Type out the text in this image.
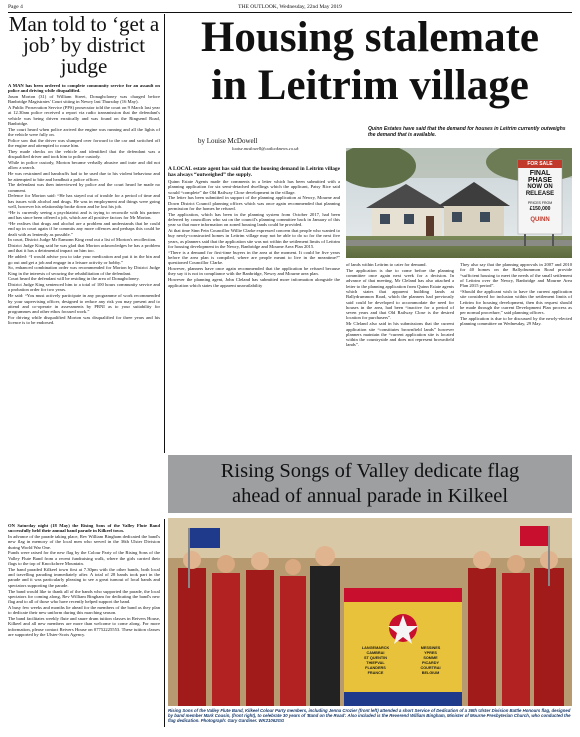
Page 4	THE OUTLOOK, Wednesday, 22nd May 2019
Man told to ‘get a job’ by district judge

A MAN has been ordered to complete community service for an assault on police and driving while disqualified.

Jason Morton (31) of William Street, Donaghcloney was charged before Banbridge Magistrates' Court sitting in Newry last Thursday (16 May).

A Public Prosecution Service (PPS) prosecutor told the court on 9 March last year at 12.30am police received a report via radio transmission that the defendant's vehicle was being driven erratically and was found on the Ringsend Road, Banbridge.

The court heard when police arrived the engine was running and all the lights of the vehicle were fully on.

Police saw that the driver was slumped over forward to the car and switched off the engine and attempted to rouse him.

They made checks on the vehicle and identified that the defendant was a disqualified driver and took him to police custody.

While in police custody, Morton became verbally abusive and irate and did not allow a search.

He was restrained and handcuffs had to be used due to his violent behaviour and he attempted to bite and headbutt a police officer.

The defendant was then interviewed by police and the court heard he made no comment.

Defence for Morton said: “He has stayed out of trouble for a period of time and has issues with alcohol and drugs. He was in employment and things were going well, however his relationship broke down and he lost his job.

“He is currently seeing a psychiatrist and is trying to reconcile with his partner and has since been offered a job, which are all positive factors for Mr Morton.

“He realises that drugs and alcohol are a problem and understands that he could end up in court again if he commits any more offences and perhaps this could be dealt with as leniently as possible.”

In court, District Judge Mr Eamonn King read out a list of Morton's recollection.

District Judge King said he was glad that Morton acknowledges he has a problem and that it has a detrimental impact on him too.

He added: “I would advise you to take your medication and put it in the bin and go out and get a job and engage in a leisure activity or hobby.”

So, enhanced combination order was recommended for Morton by District Judge King in the interests of securing the rehabilitation of the defendant.

Court heard the defendant will be residing in the area of Donaghcloney.

District Judge King sentenced him to a total of 100 hours community service and a probation order for two years.

He said: “You must actively participate in any programme of work recommended by your supervising officer, designed to reduce any risk you may present and to attend and co-operate in assessments by PBNI as to your suitability for programmes and other ethos focused work.”

For driving while disqualified Morton was disqualified for three years and his licence is to be endorsed.

Housing stalemate
in Leitrim village
by Louise McDowell
louise.mcdowell@outlooknews.co.uk
Quinn Estates have said that the demand for houses in Leitrim currently outweighs the demand that is available.
FOR SALE
FINAL
PHASE
NOW ON
RELEASE
PRICES FROM
£150,000
QUINN

A LOCAL estate agent has said that the housing demand in Leitrim village has always “outweighed” the supply.

Quinn Estate Agents made the comments in a letter which has been submitted with a planning application for six semi-detached dwellings which the applicant, Patsy Rice said would “complete” the Old Railway Close development in the village.

The letter has been submitted in support of the planning application at Newry, Mourne and Down District Council planning offices which was once again recommended that planning permission for the homes be refused.

The application, which has been in the planning system from October 2017, had been deferred by councillors who sat on the council's planning committee back in January of this year so that more information on zoned housing lands could be provided.

At that time Sinn Fein Councillor Willie Clarke expressed concern that people who wanted to buy newly-constructed homes in Leitrim village may not be able to do so for the next five years, as planners said that the application site was not within the settlement limits of Leitrim for housing development in the Newry, Banbridge and Mourne Area Plan 2015.

“There is a demand for first-time buyers in the area at the moment. It could be five years before the area plan is compiled, where are people meant to live in the meantime?” questioned Councillor Clarke.

However, planners have once again recommended that the application be refused because they say it is not in compliance with the Banbridge, Newry and Mourne area plan.

However the planning agent, John Cleland has submitted more information alongside the application which states the apparent unavailability

of lands within Leitrim to cater for demand.

The application is due to come before the planning committee once again next week for a decision. In advance of that meeting, Mr Cleland has also attached a letter to the planning application from Quinn Estate agents which states that apparent building lands at Ballydrummon Road, which the planners had previously said could be developed to accommodate the need for houses in the area, had been “inactive for a period of seven years and that Old Railway Close is the desired location for purchasers”.

Mr Cleland also said in his submissions that the current application site “constitutes brownfield lands” however planners maintain the “current application site is located within the countryside and does not represent brownfield lands”.

They also say that the planning approvals in 2007 and 2010 for 40 homes on the Ballydrummon Road provide “sufficient housing to meet the needs of the small settlement of Leitrim over the Newry, Banbridge and Mourne Area Plan 2015 period”.

“Should the applicant wish to have the current application site considered for inclusion within the settlement limits of Leitrim for housing development, then this request should be made through the current Development Plan process as per normal procedure,” said planning officers.

The application is due to be discussed by the newly-elected planning committee on Wednesday, 29 May.

Rising Songs of Valley dedicate flag
ahead of annual parade in Kilkeel

ON Saturday night (18 May) the Rising Sons of the Valley Flute Band successfully held their annual band parade in Kilkeel town.

In advance of the parade taking place, Rev William Bingham dedicated the band's new flag in memory of the local men who served in the 36th Ulster Division during World War One.

Funds were raised for the new flag by the Colour Party of the Rising Sons of the Valley Flute Band from a recent fundraising walk, where the girls carried their flags to the top of Knockchree Mountain.

The band paraded Kilkeel town first at 7.30pm with the other bands, both local and travelling parading immediately after. A total of 28 bands took part in the parade and it was particularly pleasing to see a great turnout of local bands and spectators supporting the parade.

The band would like to thank all of the bands who supported the parade, the local spectators for coming along, Rev William Bingham for dedicating the band's new flag and to all of those who have recently helped support the band.

A busy few weeks and months lie ahead for the members of the band as they plan to dedicate their new uniform during this marching season.

The band facilitates weekly flute and snare drum tuition classes in Reivers House, Kilkeel and all new members are more than welcome to come along. For more information, please contact Reivers House on 07752225553. These tuition classes are supported by the Ulster-Scots Agency.

LANGEMARCK	MESSINES
CAMBRAI	YPRES
ST QUENTIN	SOMME
THIEPVAL	PICARDY
FLANDERS	COURTRAI
FRANCE	BELGIUM
Rising Sons of the Valley Flute Band, Kilkeel Colour Party members, including Jenna Crozier (front left) attended a short Service of Dedication of a 36th Ulster Division Battle Honours flag, designed by band member Mark Cousin, (front right), to celebrate 30 years of 'Band on the Road'. Also included is the Reverend William Bingham, Minister of Mourne Presbyterian Church, who conducted the flag dedication. Photograph: Gary Gardiner. WK21062GG
